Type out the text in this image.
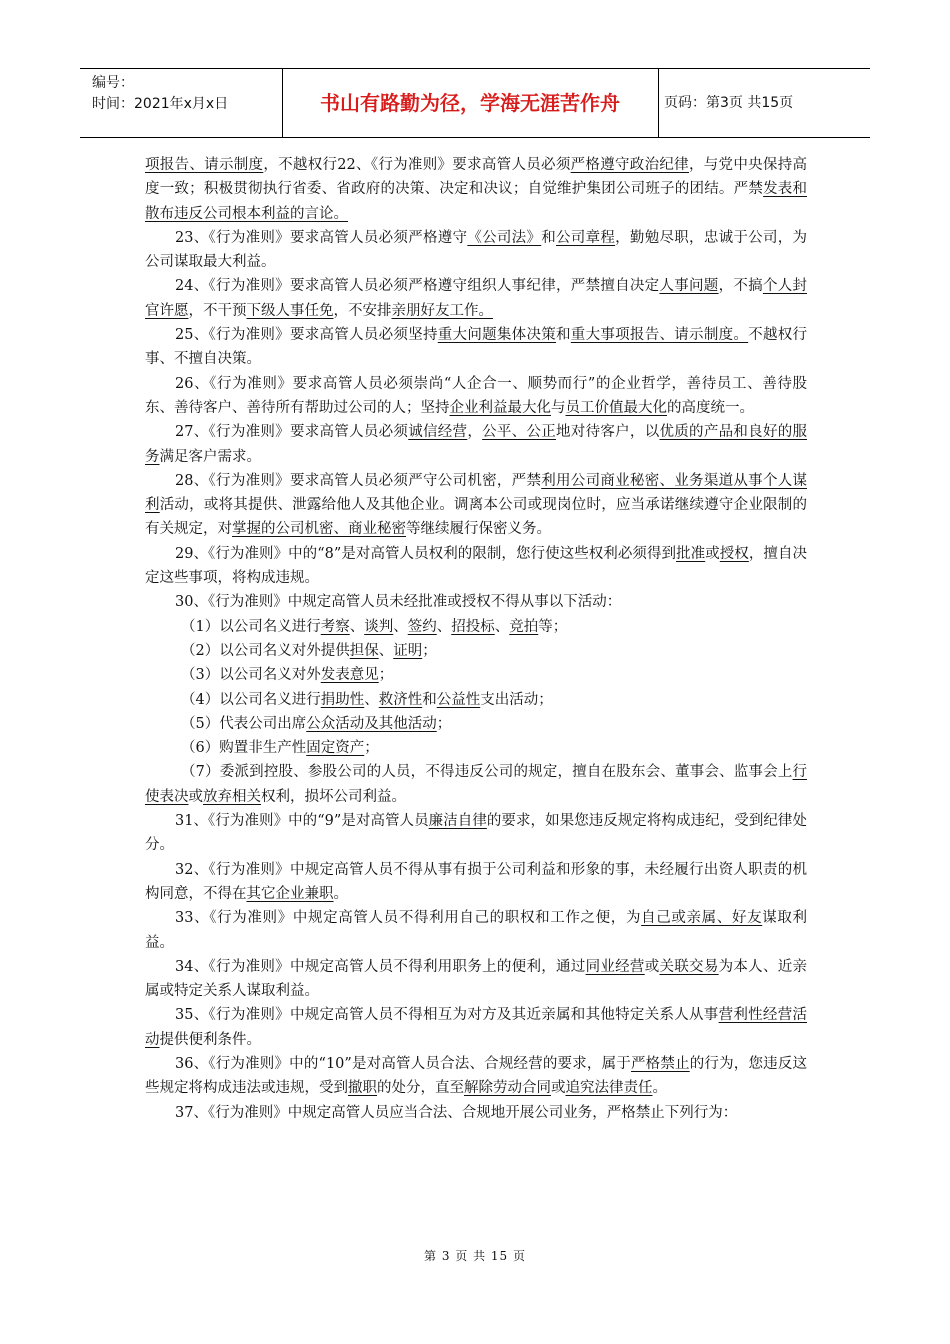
编号：
时间：2021年x月x日	书山有路勤为径，学海无涯苦作舟	页码：第3页 共15页

项报告、请示制度，不越权行22、《行为准则》要求高管人员必须严格遵守政治纪律，与党中央保持高度一致；积极贯彻执行省委、省政府的决策、决定和决议；自觉维护集团公司班子的团结。严禁发表和散布违反公司根本利益的言论。

23、《行为准则》要求高管人员必须严格遵守《公司法》和公司章程，勤勉尽职，忠诚于公司，为公司谋取最大利益。

24、《行为准则》要求高管人员必须严格遵守组织人事纪律，严禁擅自决定人事问题，不搞个人封官许愿，不干预下级人事任免，不安排亲朋好友工作。

25、《行为准则》要求高管人员必须坚持重大问题集体决策和重大事项报告、请示制度。不越权行事、不擅自决策。

26、《行为准则》要求高管人员必须崇尚“人企合一、顺势而行”的企业哲学，善待员工、善待股东、善待客户、善待所有帮助过公司的人；坚持企业利益最大化与员工价值最大化的高度统一。

27、《行为准则》要求高管人员必须诚信经营，公平、公正地对待客户，以优质的产品和良好的服务满足客户需求。

28、《行为准则》要求高管人员必须严守公司机密，严禁利用公司商业秘密、业务渠道从事个人谋利活动，或将其提供、泄露给他人及其他企业。调离本公司或现岗位时，应当承诺继续遵守企业限制的有关规定，对掌握的公司机密、商业秘密等继续履行保密义务。

29、《行为准则》中的“8”是对高管人员权利的限制，您行使这些权利必须得到批准或授权，擅自决定这些事项，将构成违规。

30、《行为准则》中规定高管人员未经批准或授权不得从事以下活动：

（1）以公司名义进行考察、谈判、签约、招投标、竞拍等；

（2）以公司名义对外提供担保、证明；

（3）以公司名义对外发表意见；

（4）以公司名义进行捐助性、救济性和公益性支出活动；

（5）代表公司出席公众活动及其他活动；

（6）购置非生产性固定资产；

（7）委派到控股、参股公司的人员，不得违反公司的规定，擅自在股东会、董事会、监事会上行使表决或放弃相关权利，损坏公司利益。

31、《行为准则》中的“9”是对高管人员廉洁自律的要求，如果您违反规定将构成违纪，受到纪律处分。

32、《行为准则》中规定高管人员不得从事有损于公司利益和形象的事，未经履行出资人职责的机构同意，不得在其它企业兼职。

33、《行为准则》中规定高管人员不得利用自己的职权和工作之便，为自己或亲属、好友谋取利益。

34、《行为准则》中规定高管人员不得利用职务上的便利，通过同业经营或关联交易为本人、近亲属或特定关系人谋取利益。

35、《行为准则》中规定高管人员不得相互为对方及其近亲属和其他特定关系人从事营利性经营活动提供便利条件。

36、《行为准则》中的“10”是对高管人员合法、合规经营的要求，属于严格禁止的行为，您违反这些规定将构成违法或违规，受到撤职的处分，直至解除劳动合同或追究法律责任。

37、《行为准则》中规定高管人员应当合法、合规地开展公司业务，严格禁止下列行为：

第 3 页 共 15 页
